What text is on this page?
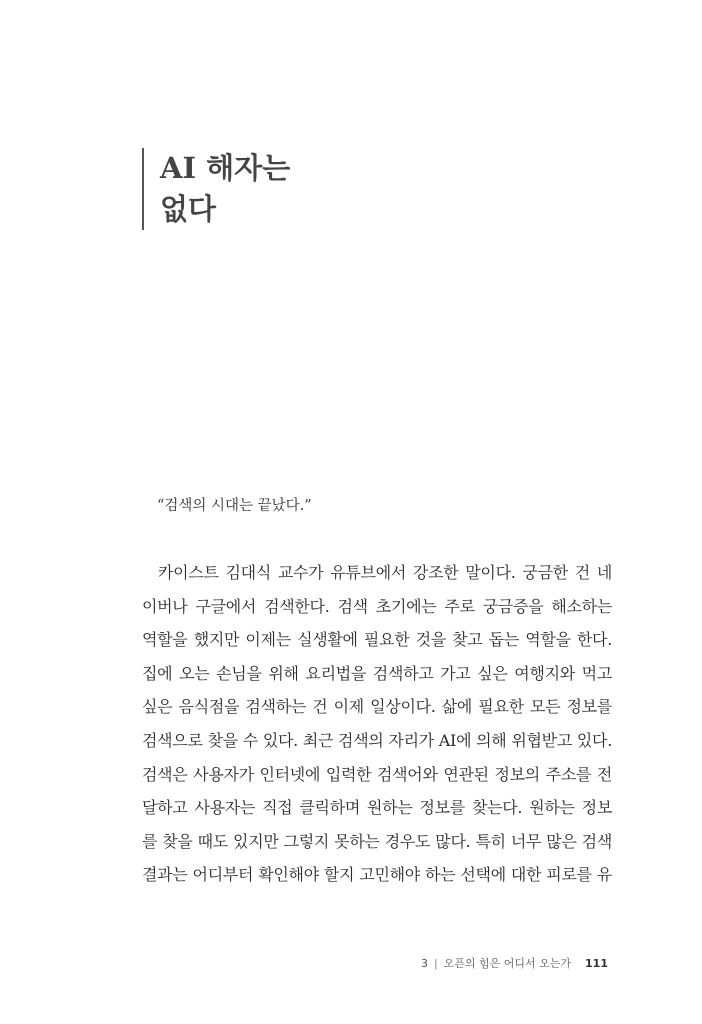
AI 해자는
없다
“검색의 시대는 끝났다.”
카이스트 김대식 교수가 유튜브에서 강조한 말이다. 궁금한 건 네
이버나 구글에서 검색한다. 검색 초기에는 주로 궁금증을 해소하는
역할을 했지만 이제는 실생활에 필요한 것을 찾고 돕는 역할을 한다.
집에 오는 손님을 위해 요리법을 검색하고 가고 싶은 여행지와 먹고
싶은 음식점을 검색하는 건 이제 일상이다. 삶에 필요한 모든 정보를
검색으로 찾을 수 있다. 최근 검색의 자리가 AI에 의해 위협받고 있다.
검색은 사용자가 인터넷에 입력한 검색어와 연관된 정보의 주소를 전
달하고 사용자는 직접 클릭하며 원하는 정보를 찾는다. 원하는 정보
를 찾을 때도 있지만 그렇지 못하는 경우도 많다. 특히 너무 많은 검색
결과는 어디부터 확인해야 할지 고민해야 하는 선택에 대한 피로를 유
3 | 오픈의 힘은 어디서 오는가 111
